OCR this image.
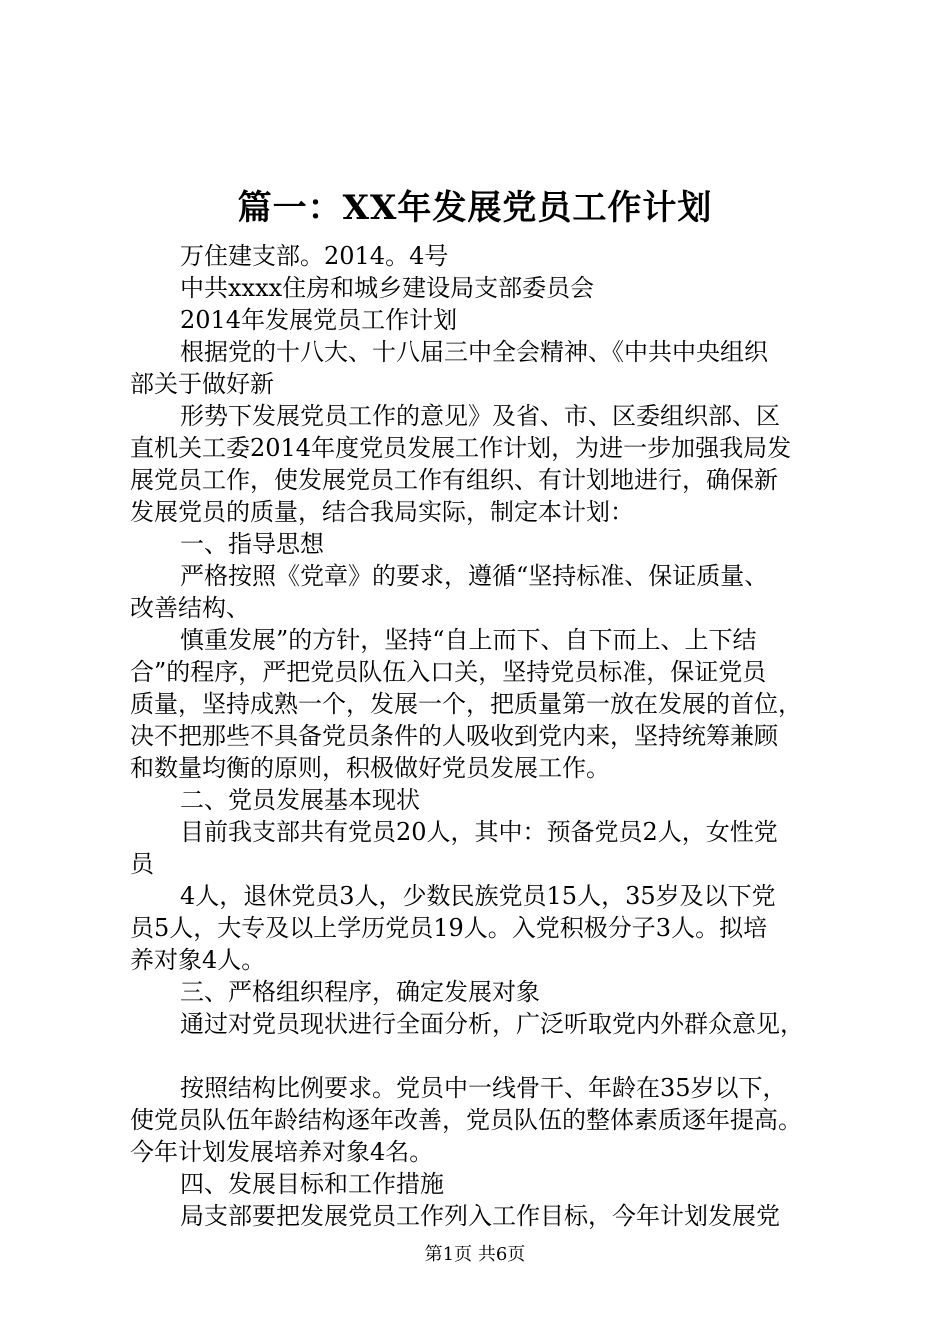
篇一：XX年发展党员工作计划
万住建支部。2014。4号
中共xxxx住房和城乡建设局支部委员会
2014年发展党员工作计划
根据党的十八大、十八届三中全会精神、《中共中央组织
部关于做好新
形势下发展党员工作的意见》及省、市、区委组织部、区
直机关工委2014年度党员发展工作计划，为进一步加强我局发
展党员工作，使发展党员工作有组织、有计划地进行，确保新
发展党员的质量，结合我局实际，制定本计划：
一、指导思想
严格按照《党章》的要求，遵循“坚持标准、保证质量、
改善结构、
慎重发展”的方针，坚持“自上而下、自下而上、上下结
合”的程序，严把党员队伍入口关，坚持党员标准，保证党员
质量，坚持成熟一个，发展一个，把质量第一放在发展的首位，
决不把那些不具备党员条件的人吸收到党内来，坚持统筹兼顾
和数量均衡的原则，积极做好党员发展工作。
二、党员发展基本现状
目前我支部共有党员20人，其中：预备党员2人，女性党
员
4人，退休党员3人，少数民族党员15人，35岁及以下党
员5人，大专及以上学历党员19人。入党积极分子3人。拟培
养对象4人。
三、严格组织程序，确定发展对象
通过对党员现状进行全面分析，广泛听取党内外群众意见，
按照结构比例要求。党员中一线骨干、年龄在35岁以下，
使党员队伍年龄结构逐年改善，党员队伍的整体素质逐年提高。
今年计划发展培养对象4名。
四、发展目标和工作措施
局支部要把发展党员工作列入工作目标，今年计划发展党
第1页 共6页
